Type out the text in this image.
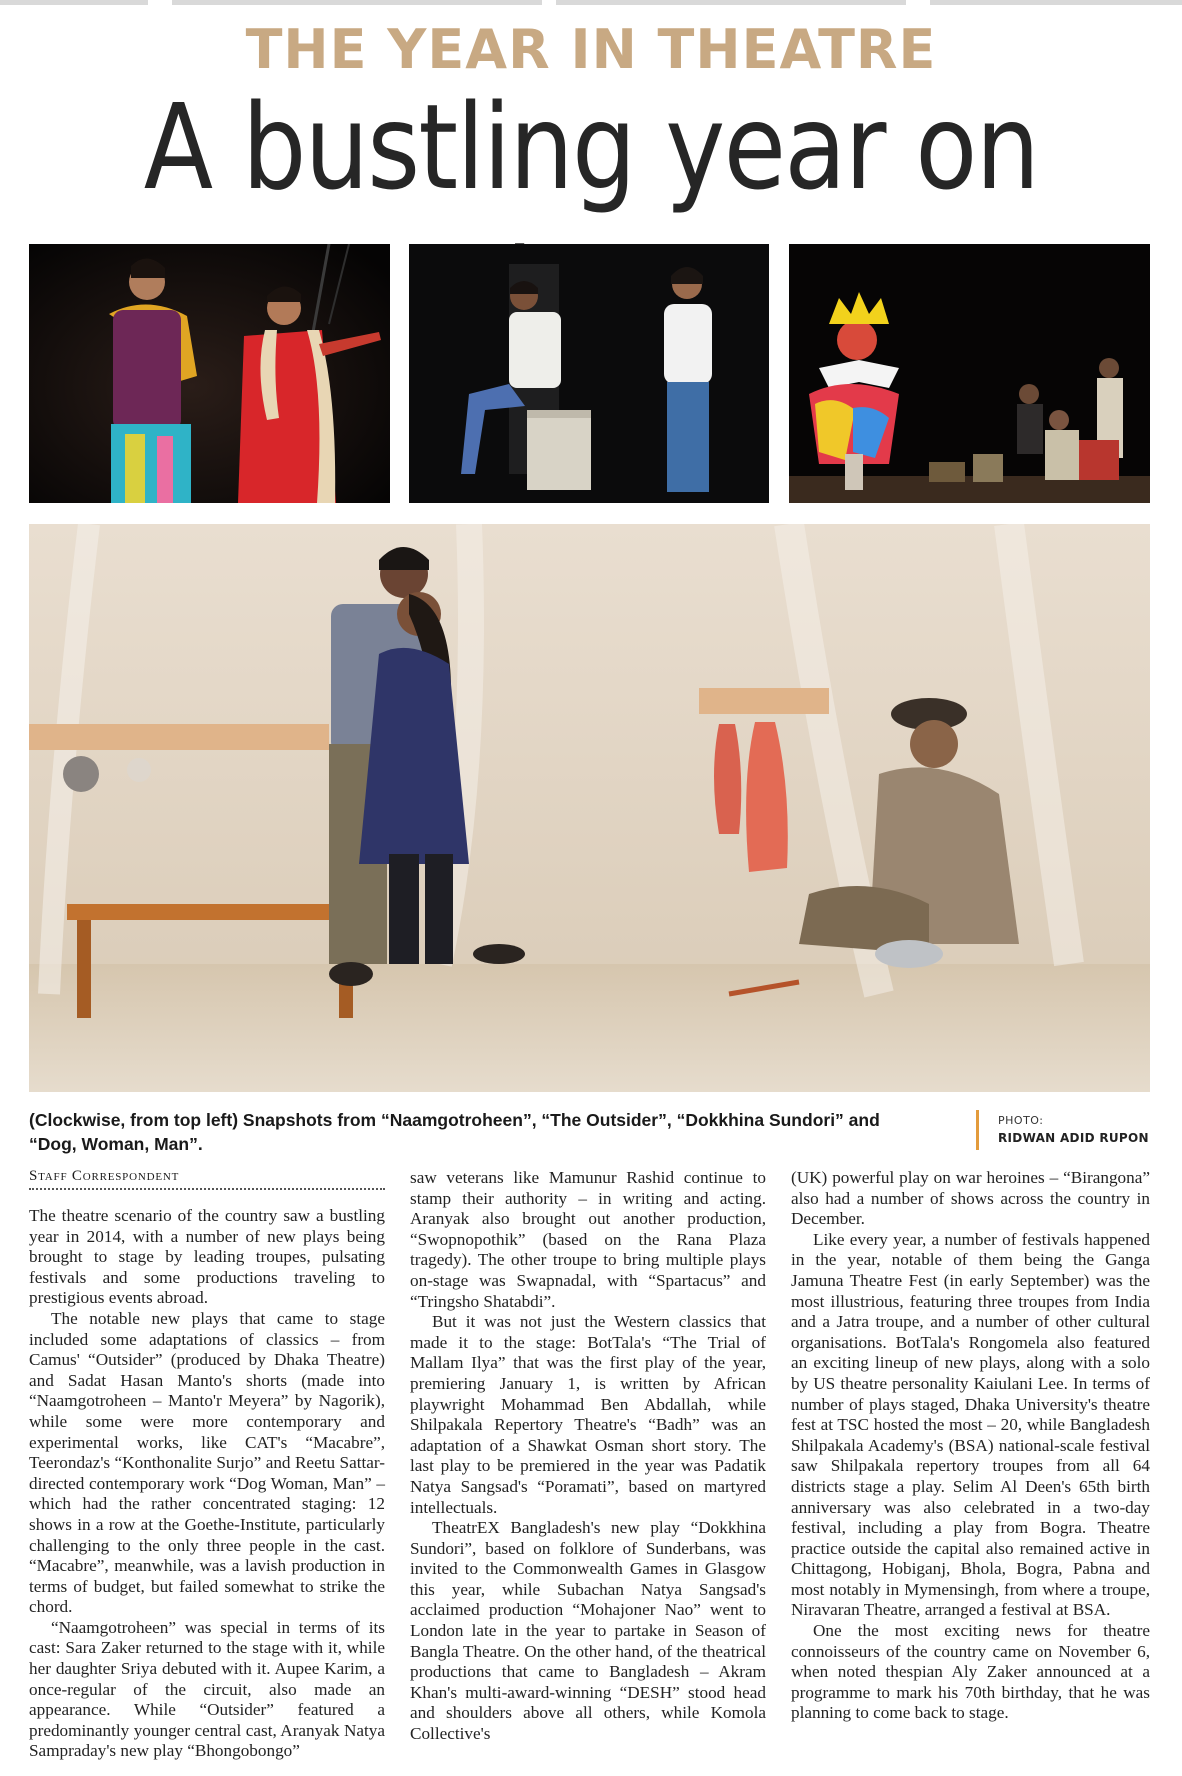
THE YEAR IN THEATRE
A bustling year on
(Clockwise, from top left) Snapshots from “Naamgotroheen”, “The Outsider”, “Dokkhina Sundori” and “Dog, Woman, Man”.
PHOTO:
RIDWAN ADID RUPON
Staff Correspondent

The theatre scenario of the country saw a bustling year in 2014, with a number of new plays being brought to stage by leading troupes, pulsating festivals and some productions traveling to prestigious events abroad.

The notable new plays that came to stage included some adaptations of classics – from Camus' “Outsider” (produced by Dhaka Theatre) and Sadat Hasan Manto's shorts (made into “Naamgotroheen – Manto'r Meyera” by Nagorik), while some were more contemporary and experimental works, like CAT's “Macabre”, Teerondaz's “Konthonalite Surjo” and Reetu Sattar-directed contemporary work “Dog Woman, Man” – which had the rather concentrated staging: 12 shows in a row at the Goethe-Institute, particularly challenging to the only three people in the cast. “Macabre”, meanwhile, was a lavish production in terms of budget, but failed somewhat to strike the chord.

“Naamgotroheen” was special in terms of its cast: Sara Zaker returned to the stage with it, while her daughter Sriya debuted with it. Aupee Karim, a once-regular of the circuit, also made an appearance. While “Outsider” featured a predominantly younger central cast, Aranyak Natya Sampraday's new play “Bhongobongo”

saw veterans like Mamunur Rashid continue to stamp their authority – in writing and acting. Aranyak also brought out another production, “Swopnopothik” (based on the Rana Plaza tragedy). The other troupe to bring multiple plays on-stage was Swapnadal, with “Spartacus” and “Tringsho Shatabdi”.

But it was not just the Western classics that made it to the stage: BotTala's “The Trial of Mallam Ilya” that was the first play of the year, premiering January 1, is written by African playwright Mohammad Ben Abdallah, while Shilpakala Repertory Theatre's “Badh” was an adaptation of a Shawkat Osman short story. The last play to be premiered in the year was Padatik Natya Sangsad's “Poramati”, based on martyred intellectuals.

TheatrEX Bangladesh's new play “Dokkhina Sundori”, based on folklore of Sunderbans, was invited to the Commonwealth Games in Glasgow this year, while Subachan Natya Sangsad's acclaimed production “Mohajoner Nao” went to London late in the year to partake in Season of Bangla Theatre. On the other hand, of the theatrical productions that came to Bangladesh – Akram Khan's multi-award-winning “DESH” stood head and shoulders above all others, while Komola Collective's

(UK) powerful play on war heroines – “Birangona” also had a number of shows across the country in December.

Like every year, a number of festivals happened in the year, notable of them being the Ganga Jamuna Theatre Fest (in early September) was the most illustrious, featuring three troupes from India and a Jatra troupe, and a number of other cultural organisations. BotTala's Rongomela also featured an exciting lineup of new plays, along with a solo by US theatre personality Kaiulani Lee. In terms of number of plays staged, Dhaka University's theatre fest at TSC hosted the most – 20, while Bangladesh Shilpakala Academy's (BSA) national-scale festival saw Shilpakala repertory troupes from all 64 districts stage a play. Selim Al Deen's 65th birth anniversary was also celebrated in a two-day festival, including a play from Bogra. Theatre practice outside the capital also remained active in Chittagong, Hobiganj, Bhola, Bogra, Pabna and most notably in Mymensingh, from where a troupe, Niravaran Theatre, arranged a festival at BSA.

One the most exciting news for theatre connoisseurs of the country came on November 6, when noted thespian Aly Zaker announced at a programme to mark his 70th birthday, that he was planning to come back to stage.
